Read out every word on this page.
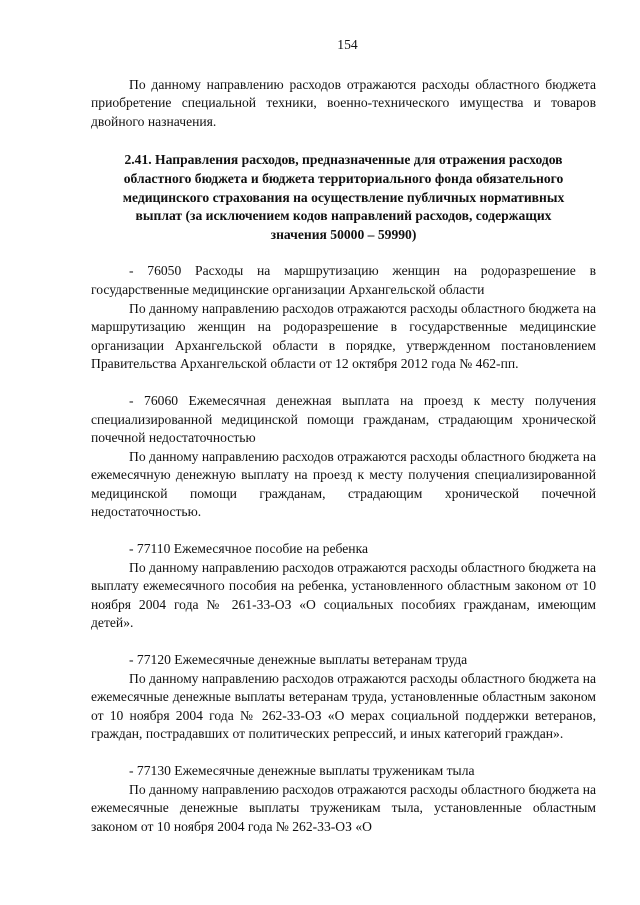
154

По данному направлению расходов отражаются расходы областного бюджета приобретение специальной техники, военно-технического имущества и товаров двойного назначения.

2.41. Направления расходов, предназначенные для отражения расходов областного бюджета и бюджета территориального фонда обязательного медицинского страхования на осуществление публичных нормативных выплат (за исключением кодов направлений расходов, содержащих значения 50000 – 59990)

- 76050 Расходы на маршрутизацию женщин на родоразрешение в государственные медицинские организации Архангельской области

По данному направлению расходов отражаются расходы областного бюджета на маршрутизацию женщин на родоразрешение в государственные медицинские организации Архангельской области в порядке, утвержденном постановлением Правительства Архангельской области от 12 октября 2012 года № 462-пп.

- 76060 Ежемесячная денежная выплата на проезд к месту получения специализированной медицинской помощи гражданам, страдающим хронической почечной недостаточностью

По данному направлению расходов отражаются расходы областного бюджета на ежемесячную денежную выплату на проезд к месту получения специализированной медицинской помощи гражданам, страдающим хронической почечной недостаточностью.

- 77110 Ежемесячное пособие на ребенка

По данному направлению расходов отражаются расходы областного бюджета на выплату ежемесячного пособия на ребенка, установленного областным законом от 10 ноября 2004 года № 261-33-ОЗ «О социальных пособиях гражданам, имеющим детей».

- 77120 Ежемесячные денежные выплаты ветеранам труда

По данному направлению расходов отражаются расходы областного бюджета на ежемесячные денежные выплаты ветеранам труда, установленные областным законом от 10 ноября 2004 года № 262-33-ОЗ «О мерах социальной поддержки ветеранов, граждан, пострадавших от политических репрессий, и иных категорий граждан».

- 77130 Ежемесячные денежные выплаты труженикам тыла

По данному направлению расходов отражаются расходы областного бюджета на ежемесячные денежные выплаты труженикам тыла, установленные областным законом от 10 ноября 2004 года № 262-33-ОЗ «О
